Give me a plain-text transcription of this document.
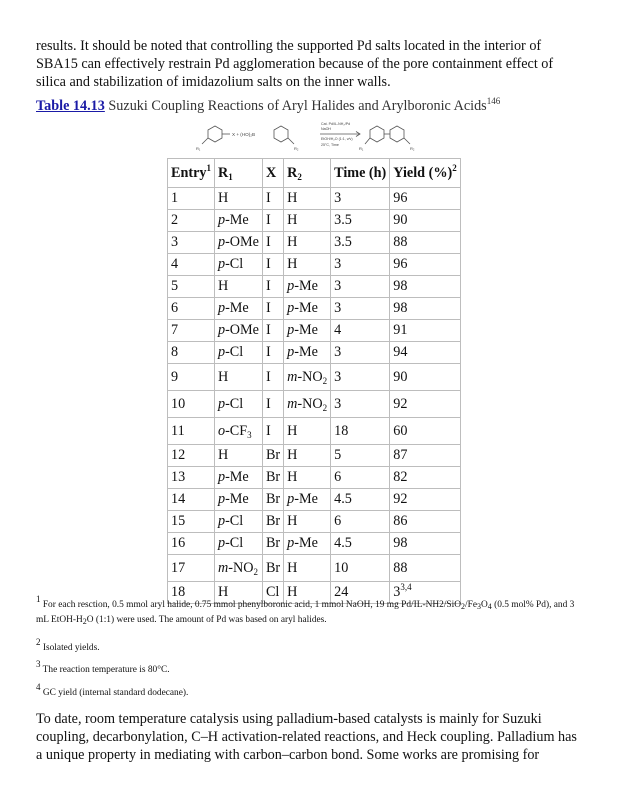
results. It should be noted that controlling the supported Pd salts located in the interior of SBA15 can effectively restrain Pd agglomeration because of the pore containment effect of silica and stabilization of imidazolium salts on the inner walls.

Table 14.13 Suzuki Coupling Reactions of Aryl Halides and Arylboronic Acids$^{146}$
X + (HO)₂B
Cat. Pd/IL-NH₂/Pd
NaOH
EtOH/H₂O (1:1, v/v)
25°C, Time
R₁	R₂	R₁	R₂
Entry$^1$	$R_1$	X	$R_2$	Time (h)	Yield (%)$^2$
1	H	I	H	3	96
2	p-Me	I	H	3.5	90
3	p-OMe	I	H	3.5	88
4	p-Cl	I	H	3	96
5	H	I	p-Me	3	98
6	p-Me	I	p-Me	3	98
7	p-OMe	I	p-Me	4	91
8	p-Cl	I	p-Me	3	94
9	H	I	$m-NO_2$	3	90
10	p-Cl	I	$m-NO_2$	3	92
11	$o-CF_3$	I	H	18	60
12	H	Br	H	5	87
13	p-Me	Br	H	6	82
14	p-Me	Br	p-Me	4.5	92
15	p-Cl	Br	H	6	86
16	p-Cl	Br	p-Me	4.5	98
17	$m-NO_2$	Br	H	10	88
18	H	Cl	H	24	3$^{3,4}$
$^1$ For each resction, 0.5 mmol aryl halide, 0.75 mmol phenylboronic acid, 1 mmol NaOH, 19 mg $Pd/IL-NH2/SiO_2/Fe_3O_4$ (0.5 mol% Pd), and 3 mL EtOH-$H_2O$ (1:1) were used. The amount of Pd was based on aryl halides.
$^2$ Isolated yields.
$^3$ The reaction temperature is 80°C.
$^4$ GC yield (internal standard dodecane).

To date, room temperature catalysis using palladium-based catalysts is mainly for Suzuki coupling, decarbonylation, C–H activation-related reactions, and Heck coupling. Palladium has a unique property in mediating with carbon–carbon bond. Some works are promising for
